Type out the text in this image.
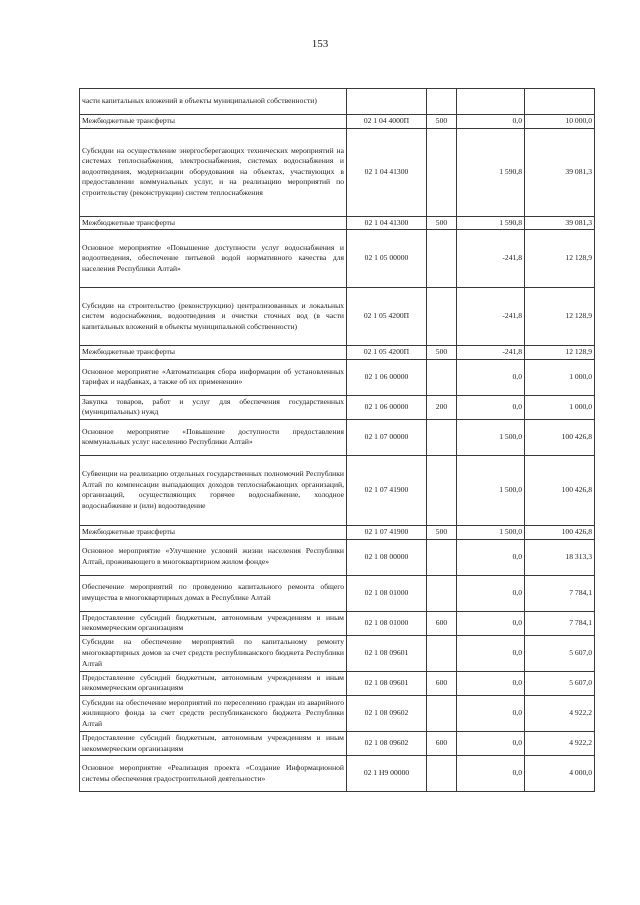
153
части капитальных вложений в объекты муниципальной собственности)				
Межбюджетные трансферты	02 1 04 4000П	500	0,0	10 000,0
Субсидии на осуществление энергосберегающих технических мероприятий на системах теплоснабжения, электроснабжения, системах водоснабжения и водоотведения, модернизации оборудования на объектах, участвующих в предоставлении коммунальных услуг, и на реализацию мероприятий по строительству (реконструкции) систем теплоснабжения	02 1 04 41300		1 590,8	39 081,3
Межбюджетные трансферты	02 1 04 41300	500	1 590,8	39 081,3
Основное мероприятие «Повышение доступности услуг водоснабжения и водоотведения, обеспечение питьевой водой нормативного качества для населения Республики Алтай»	02 1 05 00000		-241,8	12 128,9
Субсидии на строительство (реконструкцию) централизованных и локальных систем водоснабжения, водоотведения и очистки сточных вод (в части капитальных вложений в объекты муниципальной собственности)	02 1 05 4200П		-241,8	12 128,9
Межбюджетные трансферты	02 1 05 4200П	500	-241,8	12 128,9
Основное мероприятие «Автоматизация сбора информации об установленных тарифах и надбавках, а также об их применении»	02 1 06 00000		0,0	1 000,0
Закупка товаров, работ и услуг для обеспечения государственных (муниципальных) нужд	02 1 06 00000	200	0,0	1 000,0
Основное мероприятие «Повышение доступности предоставления коммунальных услуг населению Республики Алтай»	02 1 07 00000		1 500,0	100 426,8
Субвенции на реализацию отдельных государственных полномочий Республики Алтай по компенсации выпадающих доходов теплоснабжающих организаций, организаций, осуществляющих горячее водоснабжение, холодное водоснабжение и (или) водоотведение	02 1 07 41900		1 500,0	100 426,8
Межбюджетные трансферты	02 1 07 41900	500	1 500,0	100 426,8
Основное мероприятие «Улучшение условий жизни населения Республики Алтай, проживающего в многоквартирном жилом фонде»	02 1 08 00000		0,0	18 313,3
Обеспечение мероприятий по проведению капитального ремонта общего имущества в многоквартирных домах в Республике Алтай	02 1 08 01000		0,0	7 784,1
Предоставление субсидий бюджетным, автономным учреждениям и иным некоммерческим организациям	02 1 08 01000	600	0,0	7 784,1
Субсидии на обеспечение мероприятий по капитальному ремонту многоквартирных домов за счет средств республиканского бюджета Республики Алтай	02 1 08 09601		0,0	5 607,0
Предоставление субсидий бюджетным, автономным учреждениям и иным некоммерческим организациям	02 1 08 09601	600	0,0	5 607,0
Субсидии на обеспечение мероприятий по переселению граждан из аварийного жилищного фонда за счет средств республиканского бюджета Республики Алтай	02 1 08 09602		0,0	4 922,2
Предоставление субсидий бюджетным, автономным учреждениям и иным некоммерческим организациям	02 1 08 09602	600	0,0	4 922,2
Основное мероприятие «Реализация проекта «Создание Информационной системы обеспечения градостроительной деятельности»	02 1 Н9 00000		0,0	4 000,0
